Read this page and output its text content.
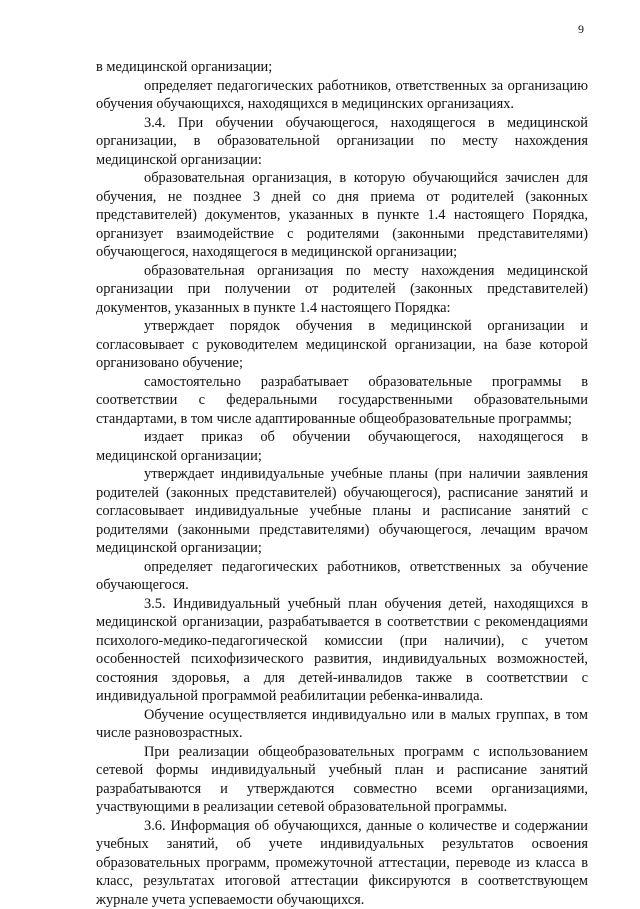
9

в медицинской организации;

определяет педагогических работников, ответственных за организацию обучения обучающихся, находящихся в медицинских организациях.

3.4. При обучении обучающегося, находящегося в медицинской организации, в образовательной организации по месту нахождения медицинской организации:

образовательная организация, в которую обучающийся зачислен для обучения, не позднее 3 дней со дня приема от родителей (законных представителей) документов, указанных в пункте 1.4 настоящего Порядка, организует взаимодействие с родителями (законными представителями) обучающегося, находящегося в медицинской организации;

образовательная организация по месту нахождения медицинской организации при получении от родителей (законных представителей) документов, указанных в пункте 1.4 настоящего Порядка:

утверждает порядок обучения в медицинской организации и согласовывает с руководителем медицинской организации, на базе которой организовано обучение;

самостоятельно разрабатывает образовательные программы в соответствии с федеральными государственными образовательными стандартами, в том числе адаптированные общеобразовательные программы;

издает приказ об обучении обучающегося, находящегося в медицинской организации;

утверждает индивидуальные учебные планы (при наличии заявления родителей (законных представителей) обучающегося), расписание занятий и согласовывает индивидуальные учебные планы и расписание занятий с родителями (законными представителями) обучающегося, лечащим врачом медицинской организации;

определяет педагогических работников, ответственных за обучение обучающегося.

3.5. Индивидуальный учебный план обучения детей, находящихся в медицинской организации, разрабатывается в соответствии с рекомендациями психолого-медико-педагогической комиссии (при наличии), с учетом особенностей психофизического развития, индивидуальных возможностей, состояния здоровья, а для детей-инвалидов также в соответствии с индивидуальной программой реабилитации ребенка-инвалида.

Обучение осуществляется индивидуально или в малых группах, в том числе разновозрастных.

При реализации общеобразовательных программ с использованием сетевой формы индивидуальный учебный план и расписание занятий разрабатываются и утверждаются совместно всеми организациями, участвующими в реализации сетевой образовательной программы.

3.6. Информация об обучающихся, данные о количестве и содержании учебных занятий, об учете индивидуальных результатов освоения образовательных программ, промежуточной аттестации, переводе из класса в класс, результатах итоговой аттестации фиксируются в соответствующем журнале учета успеваемости обучающихся.
